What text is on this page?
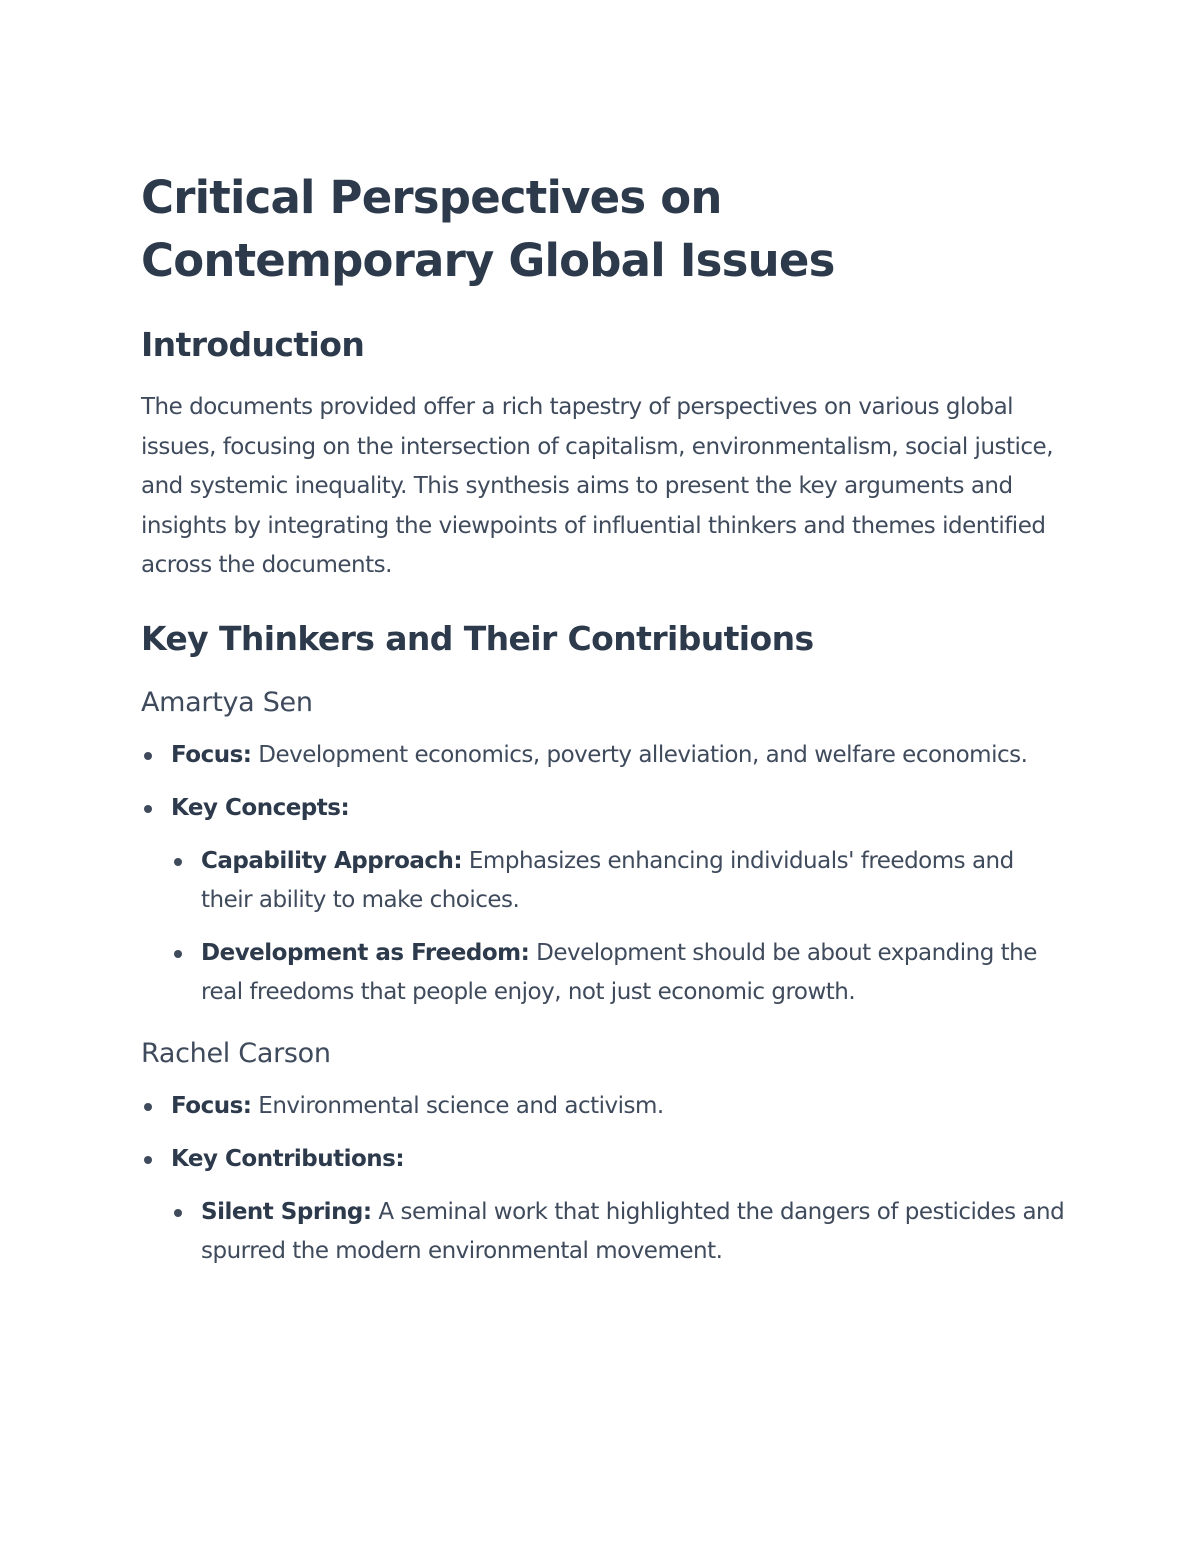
Critical Perspectives on Contemporary Global Issues
Introduction

The documents provided offer a rich tapestry of perspectives on various global issues, focusing on the intersection of capitalism, environmentalism, social justice, and systemic inequality. This synthesis aims to present the key arguments and insights by integrating the viewpoints of influential thinkers and themes identified across the documents.

Key Thinkers and Their Contributions
Amartya Sen
Focus: Development economics, poverty alleviation, and welfare economics.
Key Concepts:
Capability Approach: Emphasizes enhancing individuals' freedoms and their ability to make choices.
Development as Freedom: Development should be about expanding the real freedoms that people enjoy, not just economic growth.
Rachel Carson
Focus: Environmental science and activism.
Key Contributions:
Silent Spring: A seminal work that highlighted the dangers of pesticides and spurred the modern environmental movement.
